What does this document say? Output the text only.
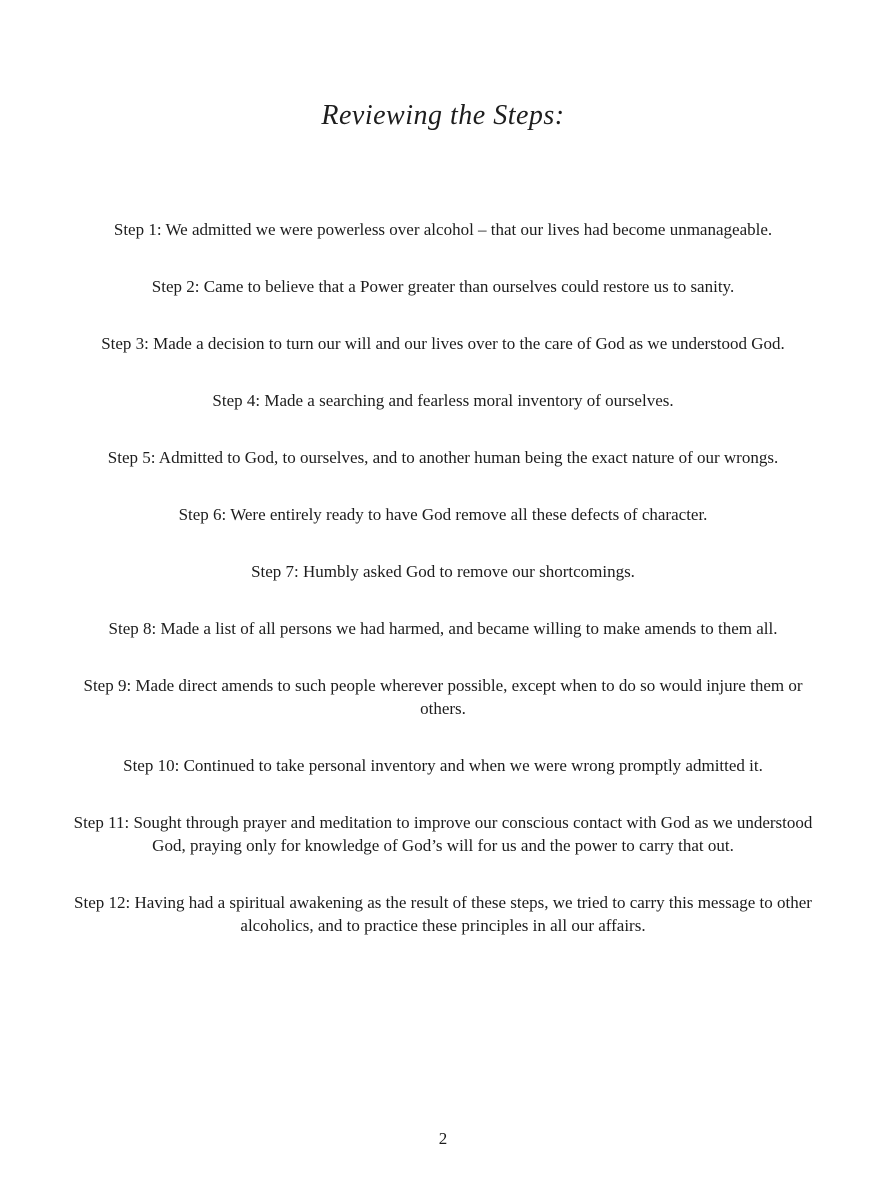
Reviewing the Steps:

Step 1: We admitted we were powerless over alcohol – that our lives had become unmanageable.

Step 2: Came to believe that a Power greater than ourselves could restore us to sanity.

Step 3: Made a decision to turn our will and our lives over to the care of God as we understood God.

Step 4: Made a searching and fearless moral inventory of ourselves.

Step 5: Admitted to God, to ourselves, and to another human being the exact nature of our wrongs.

Step 6: Were entirely ready to have God remove all these defects of character.

Step 7: Humbly asked God to remove our shortcomings.

Step 8: Made a list of all persons we had harmed, and became willing to make amends to them all.

Step 9: Made direct amends to such people wherever possible, except when to do so would injure them or others.

Step 10: Continued to take personal inventory and when we were wrong promptly admitted it.

Step 11: Sought through prayer and meditation to improve our conscious contact with God as we understood God, praying only for knowledge of God’s will for us and the power to carry that out.

Step 12: Having had a spiritual awakening as the result of these steps, we tried to carry this message to other alcoholics, and to practice these principles in all our affairs.

2
